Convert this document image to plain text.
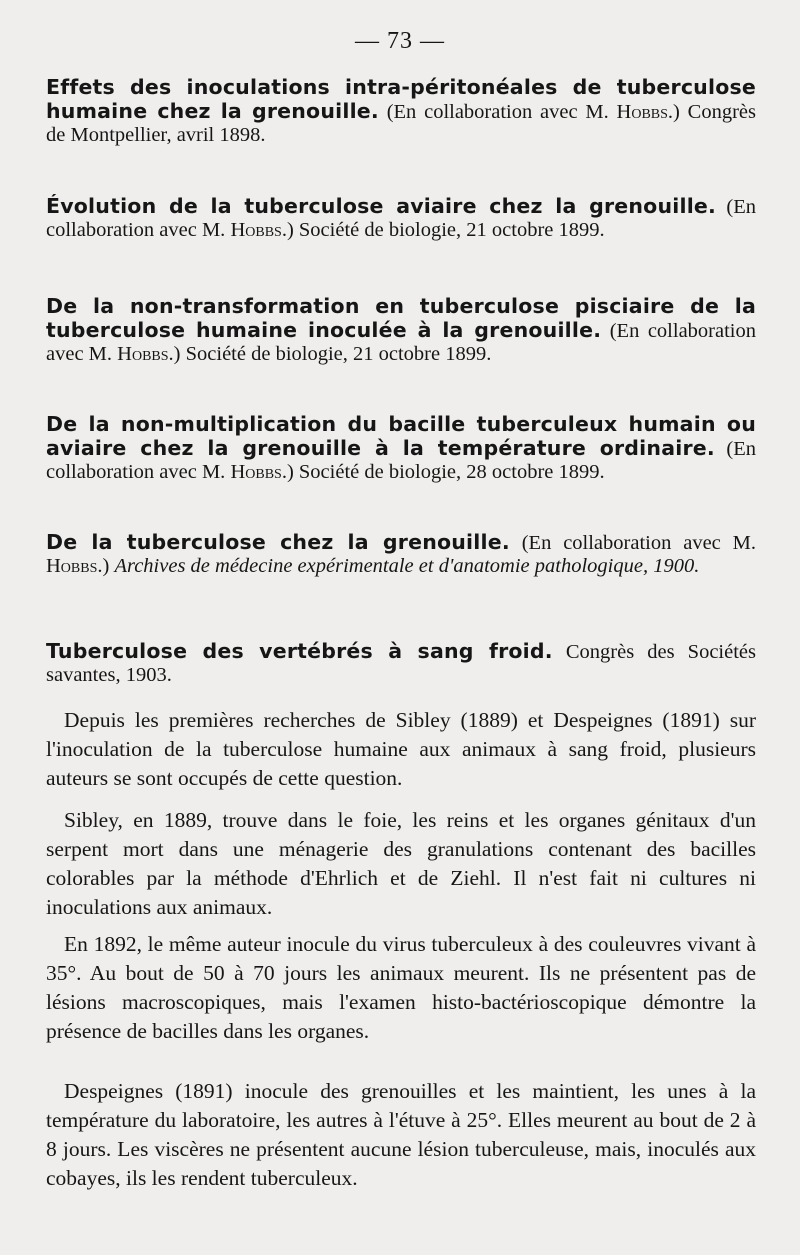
— 73 —
Effets des inoculations intra-péritonéales de tuberculose humaine chez la grenouille. (En collaboration avec M. Hobbs.) Congrès de Montpellier, avril 1898.
Évolution de la tuberculose aviaire chez la grenouille. (En collaboration avec M. Hobbs.) Société de biologie, 21 octobre 1899.
De la non-transformation en tuberculose pisciaire de la tuberculose humaine inoculée à la grenouille. (En collaboration avec M. Hobbs.) Société de biologie, 21 octobre 1899.
De la non-multiplication du bacille tuberculeux humain ou aviaire chez la grenouille à la température ordinaire. (En collaboration avec M. Hobbs.) Société de biologie, 28 octobre 1899.
De la tuberculose chez la grenouille. (En collaboration avec M. Hobbs.) Archives de médecine expérimentale et d'anatomie pathologique, 1900.
Tuberculose des vertébrés à sang froid. Congrès des Sociétés savantes, 1903.
Depuis les premières recherches de Sibley (1889) et Despeignes (1891) sur l'inoculation de la tuberculose humaine aux animaux à sang froid, plusieurs auteurs se sont occupés de cette question.
Sibley, en 1889, trouve dans le foie, les reins et les organes génitaux d'un serpent mort dans une ménagerie des granulations contenant des bacilles colorables par la méthode d'Ehrlich et de Ziehl. Il n'est fait ni cultures ni inoculations aux animaux.
En 1892, le même auteur inocule du virus tuberculeux à des couleuvres vivant à 35°. Au bout de 50 à 70 jours les animaux meurent. Ils ne présentent pas de lésions macroscopiques, mais l'examen histo-bactérioscopique démontre la présence de bacilles dans les organes.
Despeignes (1891) inocule des grenouilles et les maintient, les unes à la température du laboratoire, les autres à l'étuve à 25°. Elles meurent au bout de 2 à 8 jours. Les viscères ne présentent aucune lésion tuberculeuse, mais, inoculés aux cobayes, ils les rendent tuberculeux.
